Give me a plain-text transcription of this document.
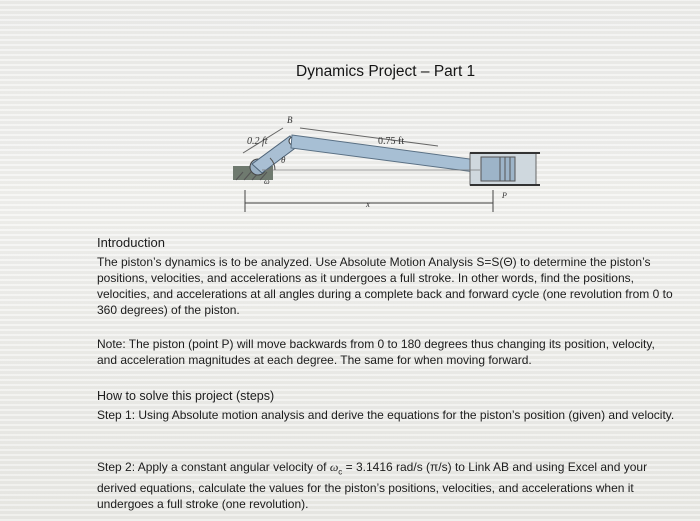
Dynamics Project – Part 1
0.2 ft	0.75 ft
B
θ
ω
x
P
Introduction
The piston’s dynamics is to be analyzed. Use Absolute Motion Analysis S=S(Θ) to determine the piston’s positions, velocities, and accelerations as it undergoes a full stroke. In other words, find the positions, velocities, and accelerations at all angles during a complete back and forward cycle (one revolution from 0 to 360 degrees) of the piston.
Note: The piston (point P) will move backwards from 0 to 180 degrees thus changing its position, velocity, and acceleration magnitudes at each degree. The same for when moving forward.
How to solve this project (steps)
Step 1: Using Absolute motion analysis and derive the equations for the piston’s position (given) and velocity.
Step 2: Apply a constant angular velocity of $\omega_c = 3.1416$ rad/s (π/s) to Link AB and using Excel and your derived equations, calculate the values for the piston’s positions, velocities, and accelerations when it undergoes a full stroke (one revolution).
